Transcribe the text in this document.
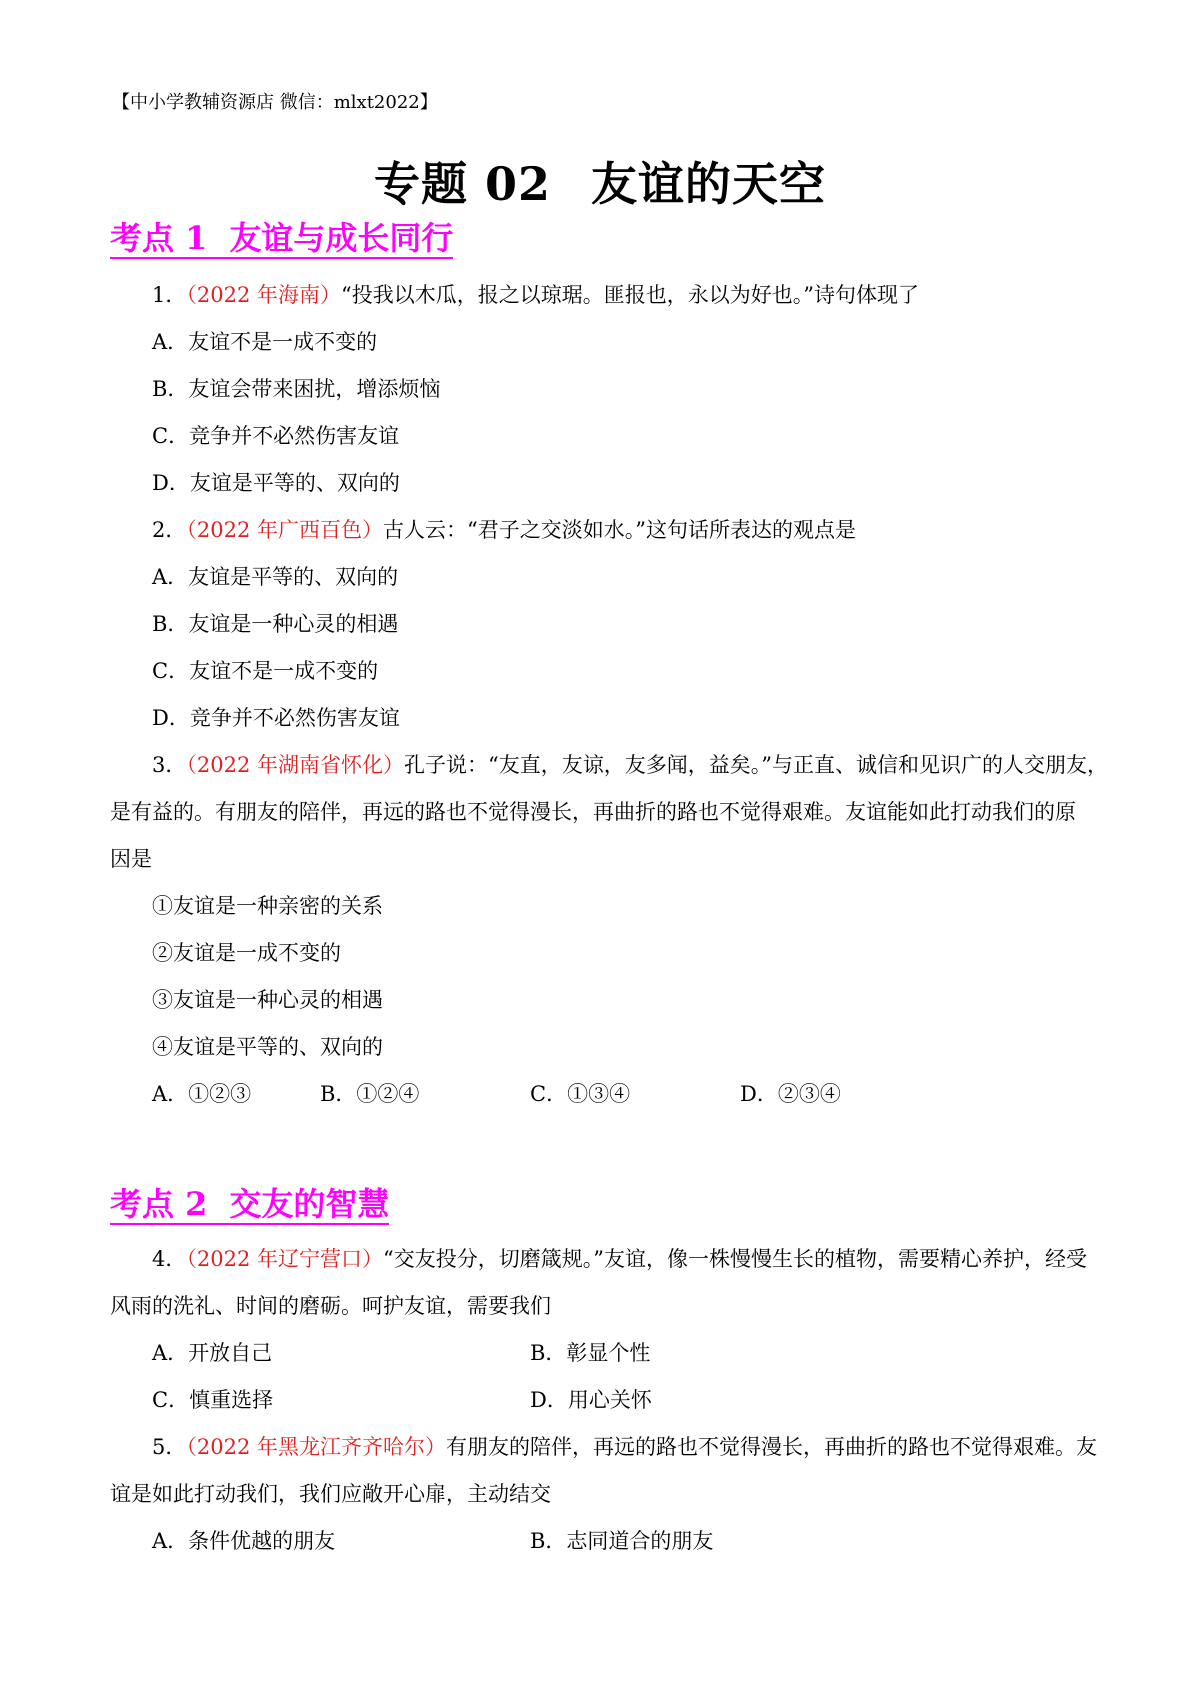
【中小学教辅资源店 微信：mlxt2022】
专题 02 友谊的天空
考点 1 友谊与成长同行
1．（2022 年海南）“投我以木瓜，报之以琼琚。匪报也，永以为好也。”诗句体现了
A．友谊不是一成不变的
B．友谊会带来困扰，增添烦恼
C．竞争并不必然伤害友谊
D．友谊是平等的、双向的
2．（2022 年广西百色）古人云：“君子之交淡如水。”这句话所表达的观点是
A．友谊是平等的、双向的
B．友谊是一种心灵的相遇
C．友谊不是一成不变的
D．竞争并不必然伤害友谊
3．（2022 年湖南省怀化）孔子说：“友直，友谅，友多闻，益矣。”与正直、诚信和见识广的人交朋友，
是有益的。有朋友的陪伴，再远的路也不觉得漫长，再曲折的路也不觉得艰难。友谊能如此打动我们的原
因是
①友谊是一种亲密的关系
②友谊是一成不变的
③友谊是一种心灵的相遇
④友谊是平等的、双向的
A．①②③	B．①②④	C．①③④	D．②③④
考点 2 交友的智慧
4．（2022 年辽宁营口）“交友投分，切磨箴规。”友谊，像一株慢慢生长的植物，需要精心养护，经受
风雨的洗礼、时间的磨砺。呵护友谊，需要我们
A．开放自己	B．彰显个性
C．慎重选择	D．用心关怀
5．（2022 年黑龙江齐齐哈尔）有朋友的陪伴，再远的路也不觉得漫长，再曲折的路也不觉得艰难。友
谊是如此打动我们，我们应敞开心扉，主动结交
A．条件优越的朋友	B．志同道合的朋友
